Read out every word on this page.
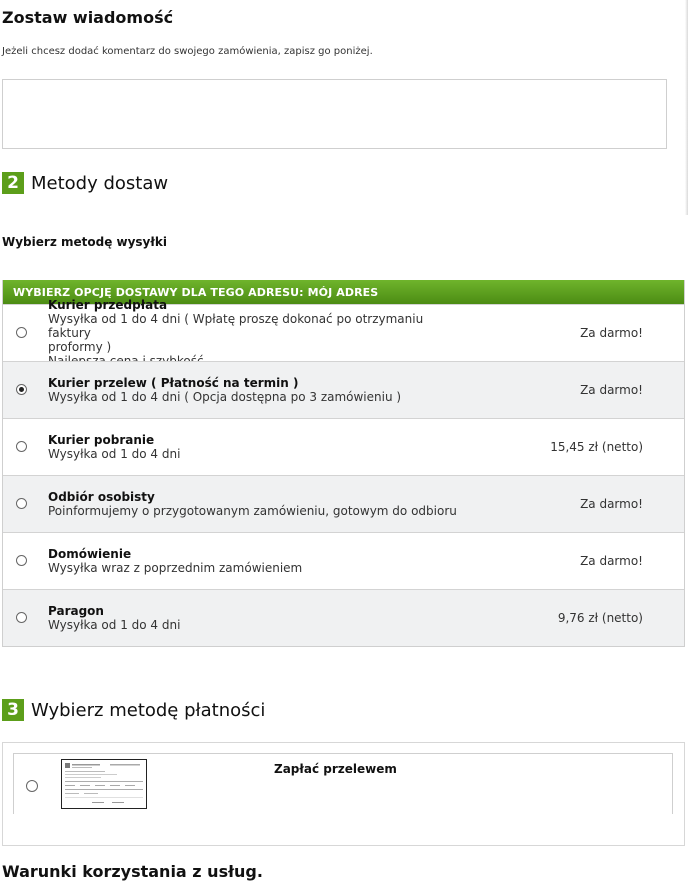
Zostaw wiadomość
Jeżeli chcesz dodać komentarz do swojego zamówienia, zapisz go poniżej.
2 Metody dostaw
Wybierz metodę wysyłki
WYBIERZ OPCJĘ DOSTAWY DLA TEGO ADRESU: MÓJ ADRES
Kurier przedpłata
Wysyłka od 1 do 4 dni ( Wpłatę proszę dokonać po otrzymaniu faktury
proformy )
Za darmo!
Kurier przelew ( Płatność na termin )
Wysyłka od 1 do 4 dni ( Opcja dostępna po 3 zamówieniu )	Za darmo!
Kurier pobranie
Wysyłka od 1 do 4 dni	15,45 zł (netto)
Odbiór osobisty
Poinformujemy o przygotowanym zamówieniu, gotowym do odbioru	Za darmo!
Domówienie
Wysyłka wraz z poprzednim zamówieniem	Za darmo!
Paragon
Wysyłka od 1 do 4 dni	9,76 zł (netto)
3 Wybierz metodę płatności
Zapłać przelewem
Warunki korzystania z usług.
